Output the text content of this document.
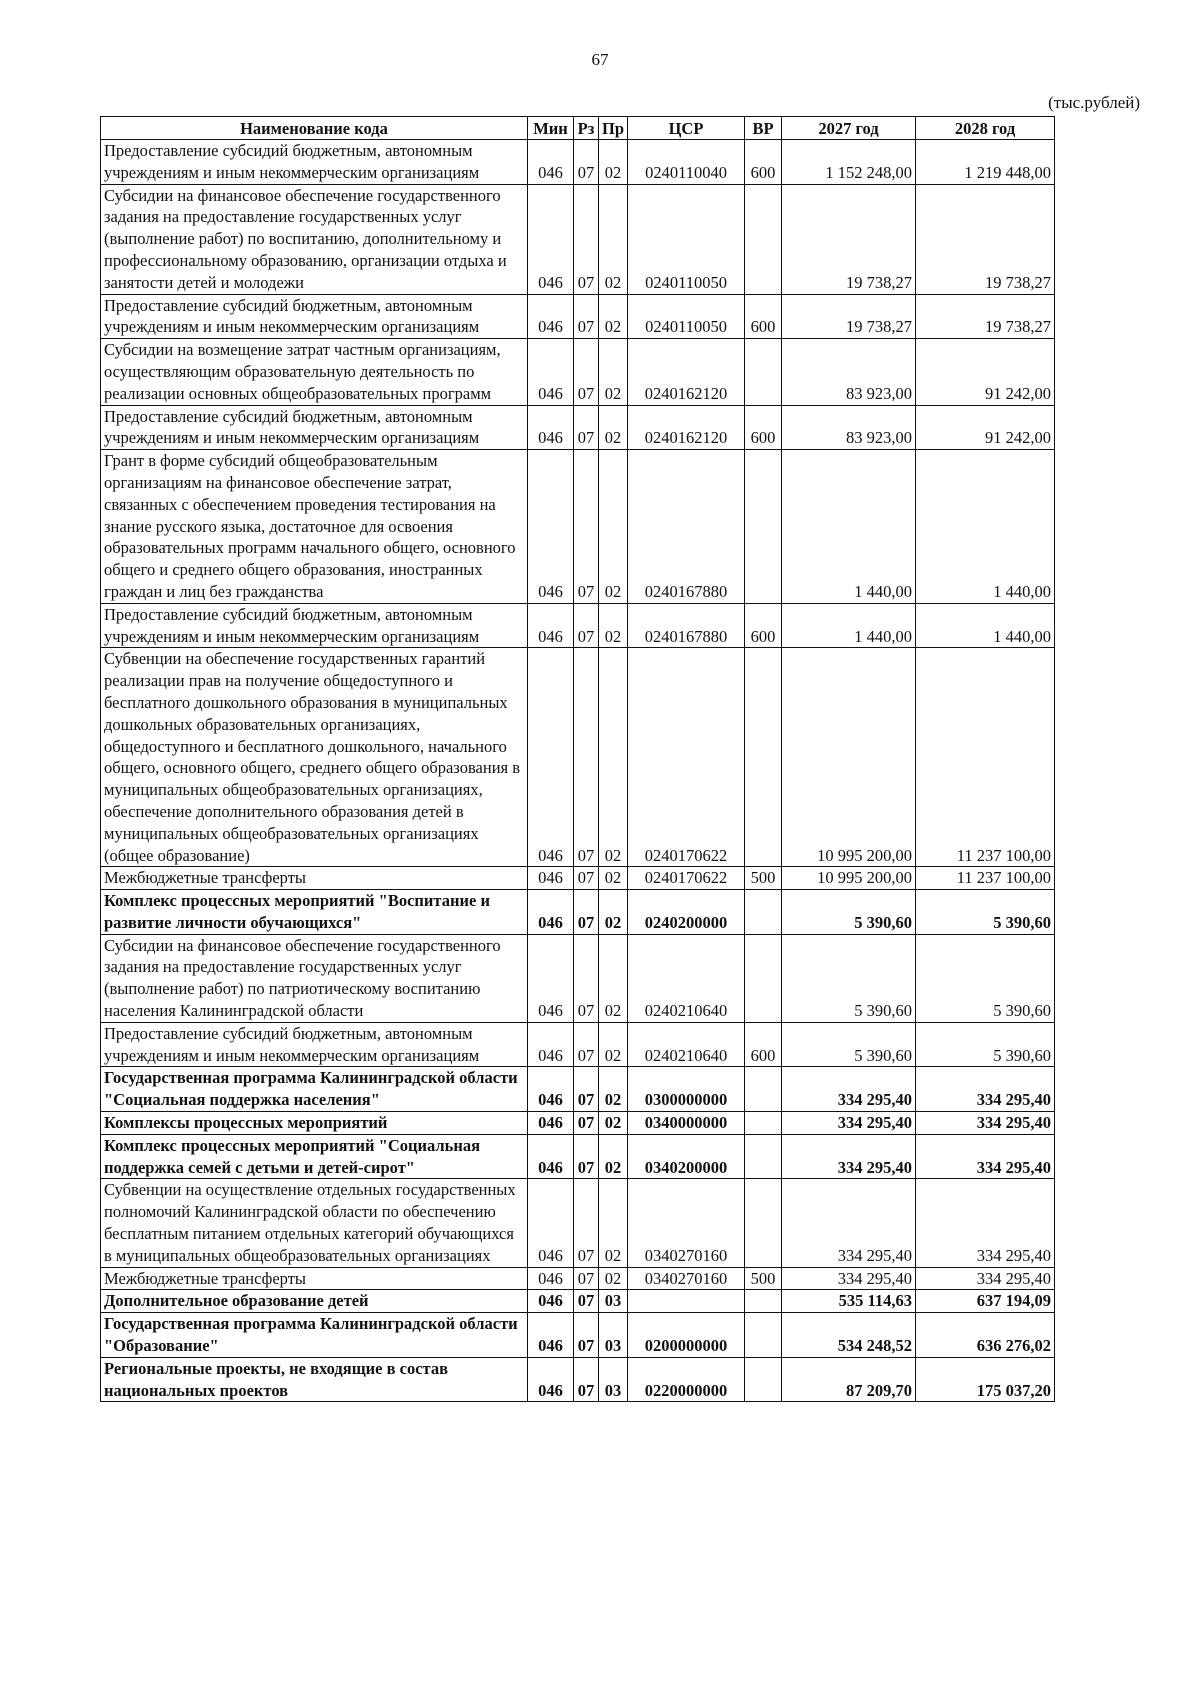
67
(тыс.рублей)
Наименование кода	Мин	Рз	Пр	ЦСР	ВР	2027 год	2028 год
Предоставление субсидий бюджетным, автономным учреждениям и иным некоммерческим организациям	046	07	02	0240110040	600	1 152 248,00	1 219 448,00
Субсидии на финансовое обеспечение государственного задания на предоставление государственных услуг (выполнение работ) по воспитанию, дополнительному и профессиональному образованию, организации отдыха и занятости детей и молодежи	046	07	02	0240110050		19 738,27	19 738,27
Предоставление субсидий бюджетным, автономным учреждениям и иным некоммерческим организациям	046	07	02	0240110050	600	19 738,27	19 738,27
Субсидии на возмещение затрат частным организациям, осуществляющим образовательную деятельность по реализации основных общеобразовательных программ	046	07	02	0240162120		83 923,00	91 242,00
Предоставление субсидий бюджетным, автономным учреждениям и иным некоммерческим организациям	046	07	02	0240162120	600	83 923,00	91 242,00
Грант в форме субсидий общеобразовательным организациям на финансовое обеспечение затрат, связанных с обеспечением проведения тестирования на знание русского языка, достаточное для освоения образовательных программ начального общего, основного общего и среднего общего образования, иностранных граждан и лиц без гражданства	046	07	02	0240167880		1 440,00	1 440,00
Предоставление субсидий бюджетным, автономным учреждениям и иным некоммерческим организациям	046	07	02	0240167880	600	1 440,00	1 440,00
Субвенции на обеспечение государственных гарантий реализации прав на получение общедоступного и бесплатного дошкольного образования в муниципальных дошкольных образовательных организациях, общедоступного и бесплатного дошкольного, начального общего, основного общего, среднего общего образования в муниципальных общеобразовательных организациях, обеспечение дополнительного образования детей в муниципальных общеобразовательных организациях (общее образование)	046	07	02	0240170622		10 995 200,00	11 237 100,00
Межбюджетные трансферты	046	07	02	0240170622	500	10 995 200,00	11 237 100,00
Комплекс процессных мероприятий "Воспитание и развитие личности обучающихся"	046	07	02	0240200000		5 390,60	5 390,60
Субсидии на финансовое обеспечение государственного задания на предоставление государственных услуг (выполнение работ) по патриотическому воспитанию населения Калининградской области	046	07	02	0240210640		5 390,60	5 390,60
Предоставление субсидий бюджетным, автономным учреждениям и иным некоммерческим организациям	046	07	02	0240210640	600	5 390,60	5 390,60
Государственная программа Калининградской области "Социальная поддержка населения"	046	07	02	0300000000		334 295,40	334 295,40
Комплексы процессных мероприятий	046	07	02	0340000000		334 295,40	334 295,40
Комплекс процессных мероприятий "Социальная поддержка семей с детьми и детей-сирот"	046	07	02	0340200000		334 295,40	334 295,40
Субвенции на осуществление отдельных государственных полномочий Калининградской области по обеспечению бесплатным питанием отдельных категорий обучающихся в муниципальных общеобразовательных организациях	046	07	02	0340270160		334 295,40	334 295,40
Межбюджетные трансферты	046	07	02	0340270160	500	334 295,40	334 295,40
Дополнительное образование детей	046	07	03			535 114,63	637 194,09
Государственная программа Калининградской области "Образование"	046	07	03	0200000000		534 248,52	636 276,02
Региональные проекты, не входящие в состав национальных проектов	046	07	03	0220000000		87 209,70	175 037,20
